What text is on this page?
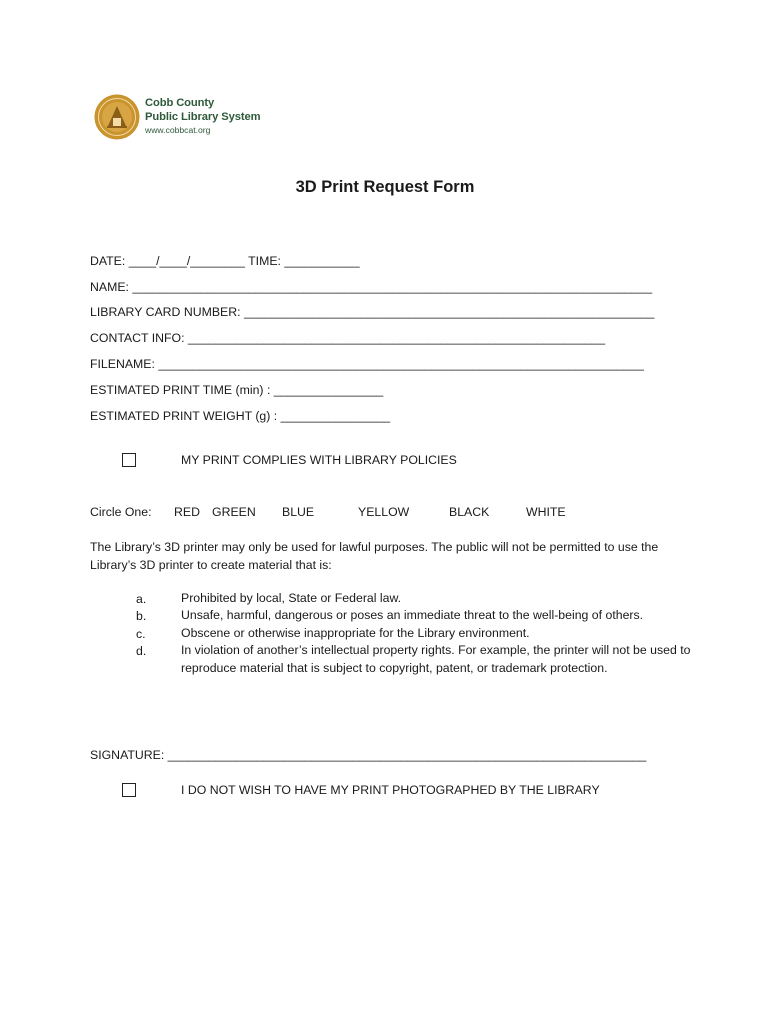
Cobb County
Public Library System
www.cobbcat.org
3D Print Request Form
DATE: ____/____/________ TIME: ___________
NAME: ____________________________________________________________________________
LIBRARY CARD NUMBER: ____________________________________________________________
CONTACT INFO: _____________________________________________________________
FILENAME: _______________________________________________________________________
ESTIMATED PRINT TIME (min) : ________________
ESTIMATED PRINT WEIGHT (g) : ________________
MY PRINT COMPLIES WITH LIBRARY POLICIES
Circle One: RED GREEN BLUE	YELLOW	BLACK	WHITE
The Library’s 3D printer may only be used for lawful purposes. The public will not be permitted to use the Library’s 3D printer to create material that is:
a.	Prohibited by local, State or Federal law.
b.	Unsafe, harmful, dangerous or poses an immediate threat to the well-being of others.
c.	Obscene or otherwise inappropriate for the Library environment.
d.	In violation of another’s intellectual property rights. For example, the printer will not be used to reproduce material that is subject to copyright, patent, or trademark protection.
SIGNATURE: ______________________________________________________________________
I DO NOT WISH TO HAVE MY PRINT PHOTOGRAPHED BY THE LIBRARY
